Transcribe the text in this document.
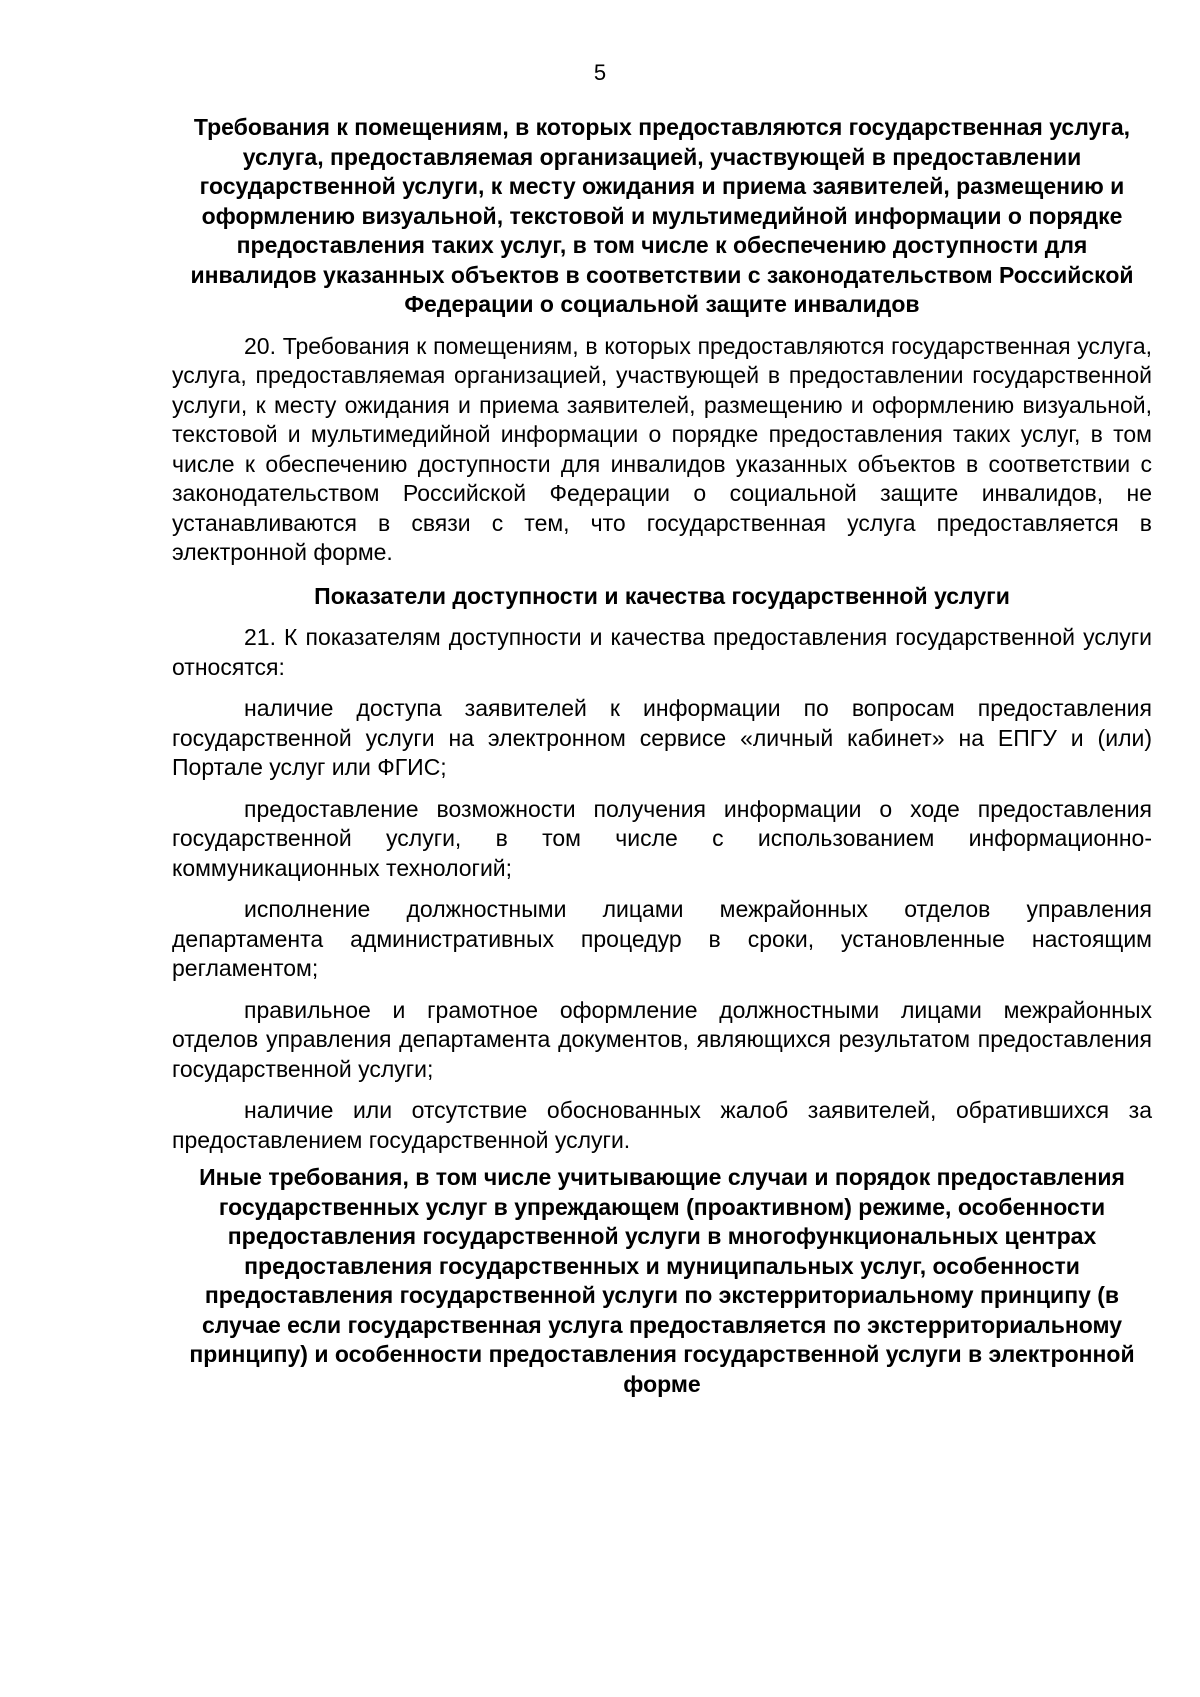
5

Требования к помещениям, в которых предоставляются государственная услуга, услуга, предоставляемая организацией, участвующей в предоставлении государственной услуги, к месту ожидания и приема заявителей, размещению и оформлению визуальной, текстовой и мультимедийной информации о порядке предоставления таких услуг, в том числе к обеспечению доступности для инвалидов указанных объектов в соответствии с законодательством Российской Федерации о социальной защите инвалидов

20. Требования к помещениям, в которых предоставляются государственная услуга, услуга, предоставляемая организацией, участвующей в предоставлении государственной услуги, к месту ожидания и приема заявителей, размещению и оформлению визуальной, текстовой и мультимедийной информации о порядке предоставления таких услуг, в том числе к обеспечению доступности для инвалидов указанных объектов в соответствии с законодательством Российской Федерации о социальной защите инвалидов, не устанавливаются в связи с тем, что государственная услуга предоставляется в электронной форме.

Показатели доступности и качества государственной услуги

21. К показателям доступности и качества предоставления государственной услуги относятся:

наличие доступа заявителей к информации по вопросам предоставления государственной услуги на электронном сервисе «личный кабинет» на ЕПГУ и (или) Портале услуг или ФГИС;

предоставление возможности получения информации о ходе предоставления государственной услуги, в том числе с использованием информационно-коммуникационных технологий;

исполнение должностными лицами межрайонных отделов управления департамента административных процедур в сроки, установленные настоящим регламентом;

правильное и грамотное оформление должностными лицами межрайонных отделов управления департамента документов, являющихся результатом предоставления государственной услуги;

наличие или отсутствие обоснованных жалоб заявителей, обратившихся за предоставлением государственной услуги.

Иные требования, в том числе учитывающие случаи и порядок предоставления государственных услуг в упреждающем (проактивном) режиме, особенности предоставления государственной услуги в многофункциональных центрах предоставления государственных и муниципальных услуг, особенности предоставления государственной услуги по экстерриториальному принципу (в случае если государственная услуга предоставляется по экстерриториальному принципу) и особенности предоставления государственной услуги в электронной форме
